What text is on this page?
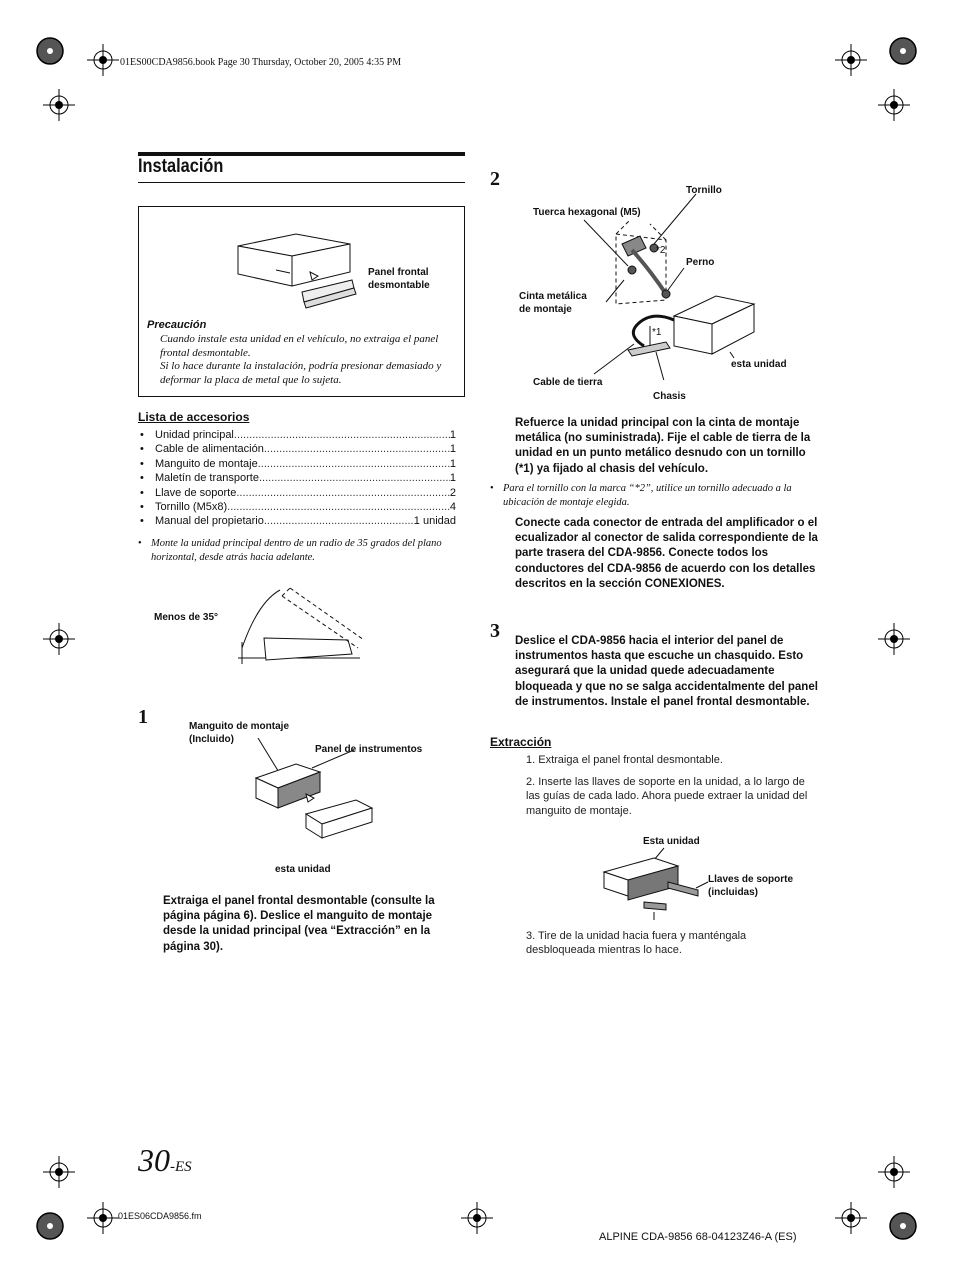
01ES00CDA9856.book Page 30 Thursday, October 20, 2005 4:35 PM
01ES06CDA9856.fm
Instalación
Panel frontal
desmontable
Precaución
Cuando instale esta unidad en el vehículo, no extraiga el panel frontal desmontable.
Si lo hace durante la instalación, podría presionar demasiado y deformar la placa de metal que lo sujeta.
Lista de accesorios
•	Unidad principal .....	1
•	Cable de alimentación .....	1
•	Manguito de montaje .....	1
•	Maletín de transporte .....	1
•	Llave de soporte .....	2
•	Tornillo (M5x8) .....	4
•	Manual del propietario .....	1 unidad
• Monte la unidad principal dentro de un radio de 35 grados del plano horizontal, desde atrás hacia adelante.
Menos de 35°
1	Manguito de montaje
(Incluido)
Panel de instrumentos
esta unidad
Extraiga el panel frontal desmontable (consulte la página página 6). Deslice el manguito de montaje desde la unidad principal (vea “Extracción” en la página 30).
2
Tornillo
Tuerca hexagonal (M5)
Perno
Cinta metálica
de montaje
Cable de tierra
Chasis
esta unidad
*2
*1
Refuerce la unidad principal con la cinta de montaje metálica (no suministrada). Fije el cable de tierra de la unidad en un punto metálico desnudo con un tornillo (*1) ya fijado al chasis del vehículo.
• Para el tornillo con la marca “*2”, utilice un tornillo adecuado a la ubicación de montaje elegida.
Conecte cada conector de entrada del amplificador o el ecualizador al conector de salida correspondiente de la parte trasera del CDA-9856. Conecte todos los conductores del CDA-9856 de acuerdo con los detalles descritos en la sección CONEXIONES.
3 Deslice el CDA-9856 hacia el interior del panel de instrumentos hasta que escuche un chasquido. Esto asegurará que la unidad quede adecuadamente bloqueada y que no se salga accidentalmente del panel de instrumentos. Instale el panel frontal desmontable.
Extracción
1. Extraiga el panel frontal desmontable.
2. Inserte las llaves de soporte en la unidad, a lo largo de las guías de cada lado. Ahora puede extraer la unidad del manguito de montaje.
Esta unidad
Llaves de soporte
(incluidas)
3. Tire de la unidad hacia fuera y manténgala desbloqueada mientras lo hace.
30-ES
ALPINE CDA-9856 68-04123Z46-A (ES)
